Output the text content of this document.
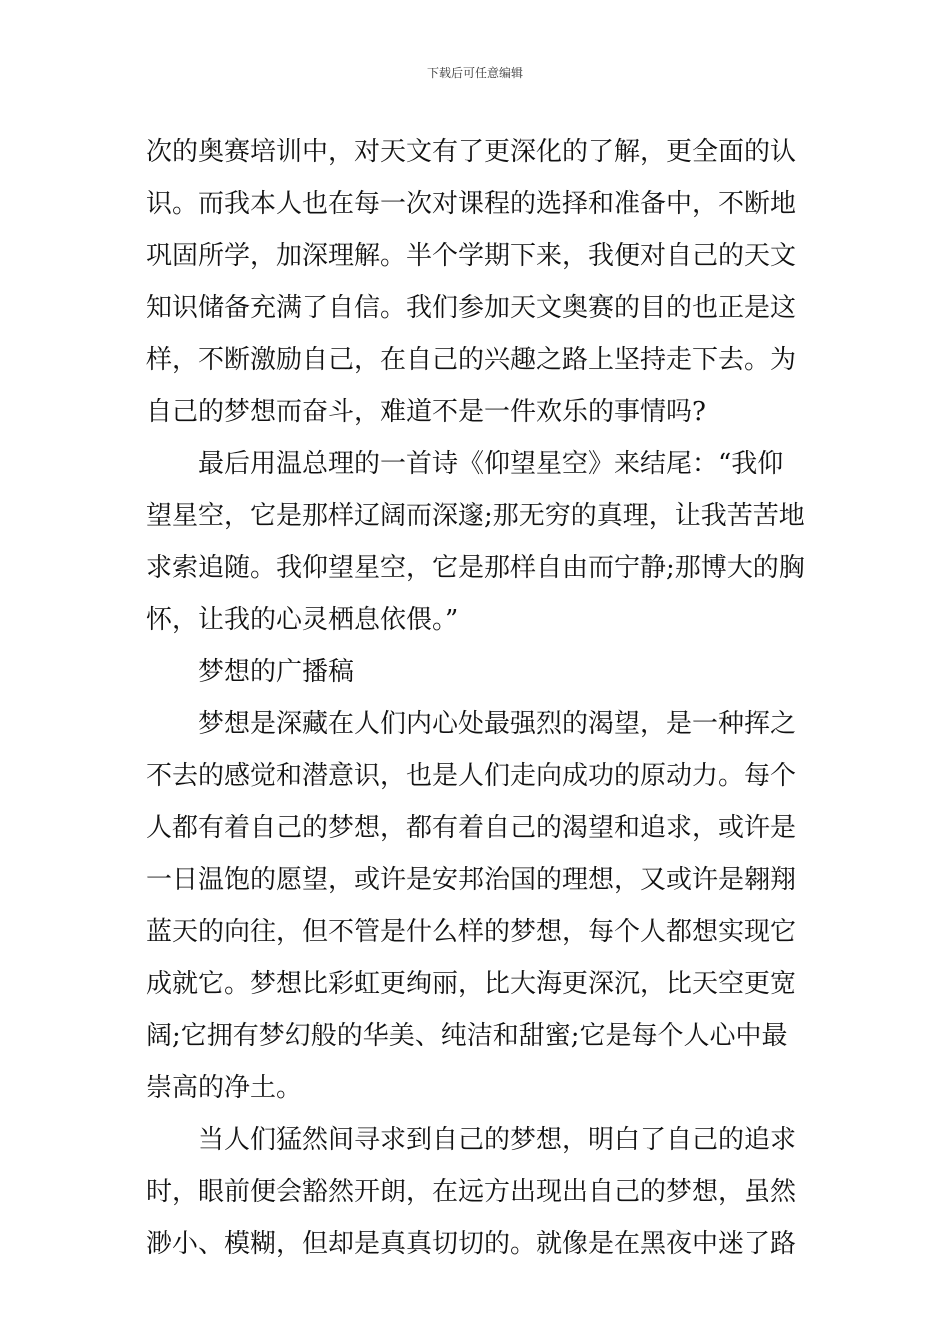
下载后可任意编辑
次的奥赛培训中，对天文有了更深化的了解，更全面的认
识。而我本人也在每一次对课程的选择和准备中，不断地
巩固所学，加深理解。半个学期下来，我便对自己的天文
知识储备充满了自信。我们参加天文奥赛的目的也正是这
样，不断激励自己，在自己的兴趣之路上坚持走下去。为
自己的梦想而奋斗，难道不是一件欢乐的事情吗?
最后用温总理的一首诗《仰望星空》来结尾：“我仰
望星空，它是那样辽阔而深邃;那无穷的真理，让我苦苦地
求索追随。我仰望星空，它是那样自由而宁静;那博大的胸
怀，让我的心灵栖息依偎。”
梦想的广播稿
梦想是深藏在人们内心处最强烈的渴望，是一种挥之
不去的感觉和潜意识，也是人们走向成功的原动力。每个
人都有着自己的梦想，都有着自己的渴望和追求，或许是
一日温饱的愿望，或许是安邦治国的理想，又或许是翱翔
蓝天的向往，但不管是什么样的梦想，每个人都想实现它
成就它。梦想比彩虹更绚丽，比大海更深沉，比天空更宽
阔;它拥有梦幻般的华美、纯洁和甜蜜;它是每个人心中最
崇高的净土。
当人们猛然间寻求到自己的梦想，明白了自己的追求
时，眼前便会豁然开朗，在远方出现出自己的梦想，虽然
渺小、模糊，但却是真真切切的。就像是在黑夜中迷了路
